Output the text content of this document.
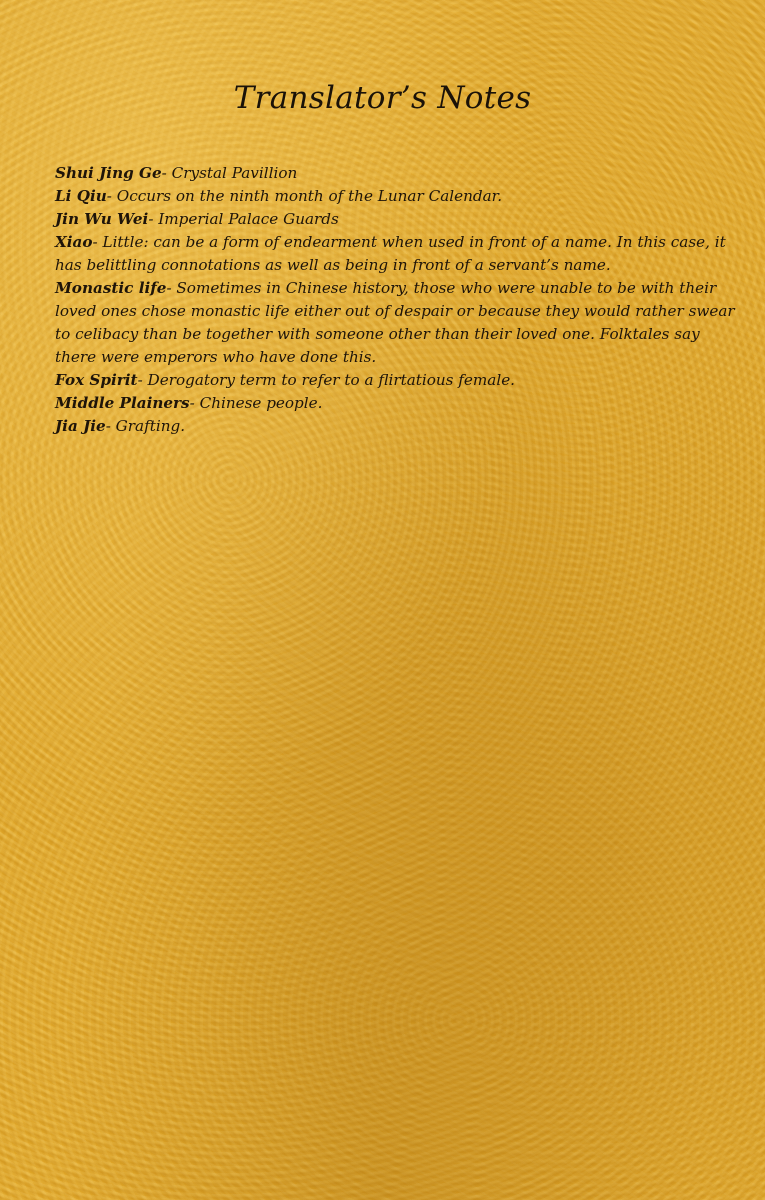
Translator’s Notes

Shui Jing Ge- Crystal Pavillion

Li Qiu- Occurs on the ninth month of the Lunar Calendar.

Jin Wu Wei- Imperial Palace Guards

Xiao- Little: can be a form of endearment when used in front of a name. In this case, it has belittling connotations as well as being in front of a servant’s name.

Monastic life- Sometimes in Chinese history, those who were unable to be with their loved ones chose monastic life either out of despair or because they would rather swear to celibacy than be together with someone other than their loved one. Folktales say there were emperors who have done this.

Fox Spirit- Derogatory term to refer to a flirtatious female.

Middle Plainers- Chinese people.

Jia Jie- Grafting.
